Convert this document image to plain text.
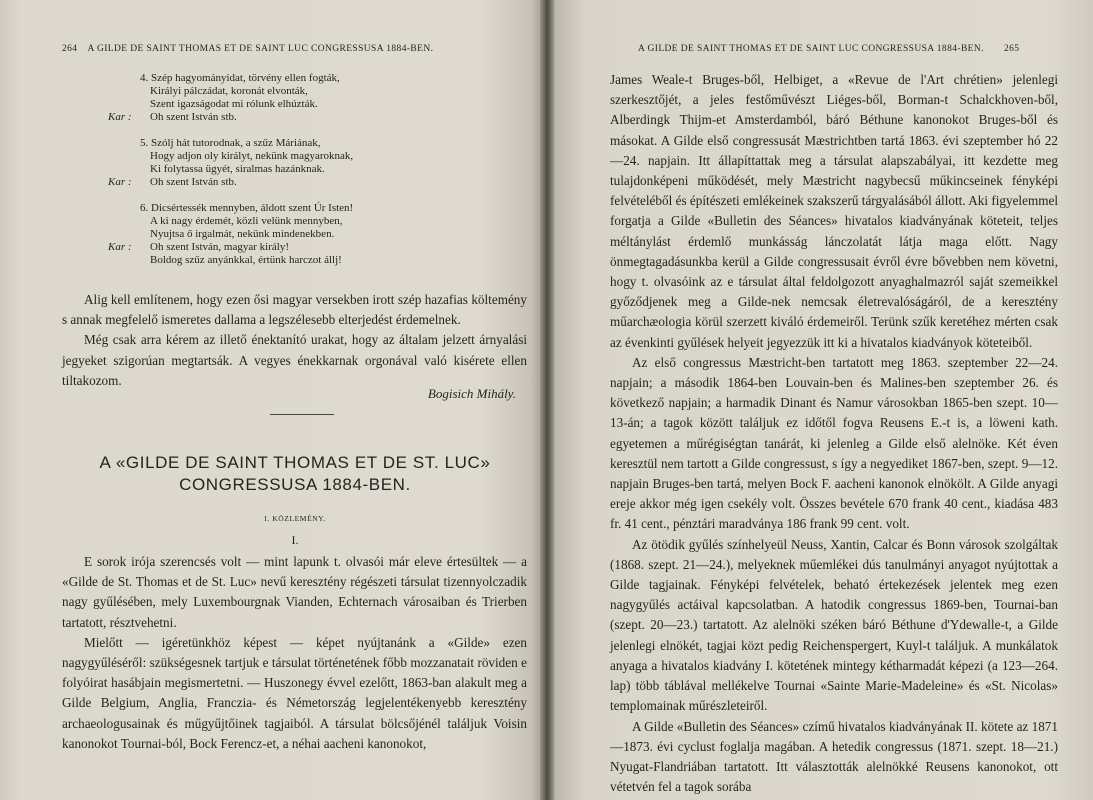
264 A GILDE DE SAINT THOMAS ET DE SAINT LUC CONGRESSUSA 1884-BEN.
4. Szép hagyományidat, törvény ellen fogták,
Királyi pálczádat, koronát elvonták,
Szent igazságodat mi rólunk elhúzták.
Kar : Oh szent István stb.
5. Szólj hát tutorodnak, a szűz Máriának,
Hogy adjon oly királyt, nekünk magyaroknak,
Ki folytassa ügyét, siralmas hazánknak.
Kar : Oh szent István stb.
6. Dicsértessék mennyben, áldott szent Úr Isten!
A ki nagy érdemét, közli velünk mennyben,
Nyujtsa ő irgalmát, nekünk mindenekben.
Kar : Oh szent István, magyar király!
Boldog szűz anyánkkal, értünk harczot állj!

Alig kell említenem, hogy ezen ősi magyar versekben irott szép hazafias költemény s annak megfelelő ismeretes dallama a legszélesebb elterjedést érdemelnek.

Még csak arra kérem az illető énektanító urakat, hogy az általam jelzett árnyalási jegyeket szigorúan megtartsák. A vegyes énekkarnak orgonával való kisérete ellen tiltakozom.

Bogisich Mihály.
A «GILDE DE SAINT THOMAS ET DE ST. LUC»
CONGRESSUSA 1884-BEN.
I. KÖZLEMÉNY.
I.

E sorok irója szerencsés volt — mint lapunk t. olvasói már eleve értesültek — a «Gilde de St. Thomas et de St. Luc» nevű keresztény régészeti társulat tizennyolczadik nagy gyűlésében, mely Luxembourgnak Vianden, Echternach városaiban és Trierben tartatott, résztvehetni.

Mielőtt — igéretünkhöz képest — képet nyújtanánk a «Gilde» ezen nagygyűléséről: szükségesnek tartjuk e társulat történetének főbb mozzanatait röviden e folyóirat hasábjain megismertetni. — Huszonegy évvel ezelőtt, 1863-ban alakult meg a Gilde Belgium, Anglia, Franczia- és Németország legjelentékenyebb keresztény archaeologusainak és műgyűjtőinek tagjaiból. A társulat bölcsőjénél találjuk Voisin kanonokot Tournai-ból, Bock Ferencz-et, a néhai aacheni kanonokot,

A GILDE DE SAINT THOMAS ET DE SAINT LUC CONGRESSUSA 1884-BEN. 265

James Weale-t Bruges-ből, Helbiget, a «Revue de l'Art chrétien» jelenlegi szerkesztőjét, a jeles festőművészt Liéges-ből, Borman-t Schalckhoven-ből, Alberdingk Thijm-et Amsterdamból, báró Béthune kanonokot Bruges-ből és másokat. A Gilde első congressusát Mæstrichtben tartá 1863. évi szeptember hó 22—24. napjain. Itt állapíttattak meg a társulat alapszabályai, itt kezdette meg tulajdonképeni működését, mely Mæstricht nagybecsű műkincseinek fényképi felvételéből és építészeti emlékeinek szakszerű tárgyalásából állott. Aki figyelemmel forgatja a Gilde «Bulletin des Séances» hivatalos kiadványának köteteit, teljes méltánylást érdemlő munkásság lánczolatát látja maga előtt. Nagy önmegtagadásunkba kerül a Gilde congressusait évről évre bővebben nem követni, hogy t. olvasóink az e társulat által feldolgozott anyaghalmazról saját szemeikkel győződjenek meg a Gilde-nek nemcsak életrevalóságáról, de a keresztény műarchæologia körül szerzett kiváló érdemeiről. Terünk szűk keretéhez mérten csak az évenkinti gyűlések helyeit jegyezzük itt ki a hivatalos kiadványok köteteiből.

Az első congressus Mæstricht-ben tartatott meg 1863. szeptember 22—24. napjain; a második 1864-ben Louvain-ben és Malines-ben szeptember 26. és következő napjain; a harmadik Dinant és Namur városokban 1865-ben szept. 10—13-án; a tagok között találjuk ez időtől fogva Reusens E.-t is, a löweni kath. egyetemen a műrégiségtan tanárát, ki jelenleg a Gilde első alelnöke. Két éven keresztül nem tartott a Gilde congressust, s így a negyediket 1867-ben, szept. 9—12. napjain Bruges-ben tartá, melyen Bock F. aacheni kanonok elnökölt. A Gilde anyagi ereje akkor még igen csekély volt. Összes bevétele 670 frank 40 cent., kiadása 483 fr. 41 cent., pénztári maradványa 186 frank 99 cent. volt.

Az ötödik gyűlés színhelyeül Neuss, Xantin, Calcar és Bonn városok szolgáltak (1868. szept. 21—24.), melyeknek műemlékei dús tanulmányi anyagot nyújtottak a Gilde tagjainak. Fényképi felvételek, beható értekezések jelentek meg ezen nagygyűlés actáival kapcsolatban. A hatodik congressus 1869-ben, Tournai-ban (szept. 20—23.) tartatott. Az alelnöki széken báró Béthune d'Ydewalle-t, a Gilde jelenlegi elnökét, tagjai közt pedig Reichenspergert, Kuyl-t találjuk. A munkálatok anyaga a hivatalos kiadvány I. kötetének mintegy kétharmadát képezi (a 123—264. lap) több táblával mellékelve Tournai «Sainte Marie-Madeleine» és «St. Nicolas» templomainak műrészleteiről.

A Gilde «Bulletin des Séances» czímű hivatalos kiadványának II. kötete az 1871—1873. évi cyclust foglalja magában. A hetedik congressus (1871. szept. 18—21.) Nyugat-Flandriában tartatott. Itt választották alelnökké Reusens kanonokot, ott vétetvén fel a tagok sorába
